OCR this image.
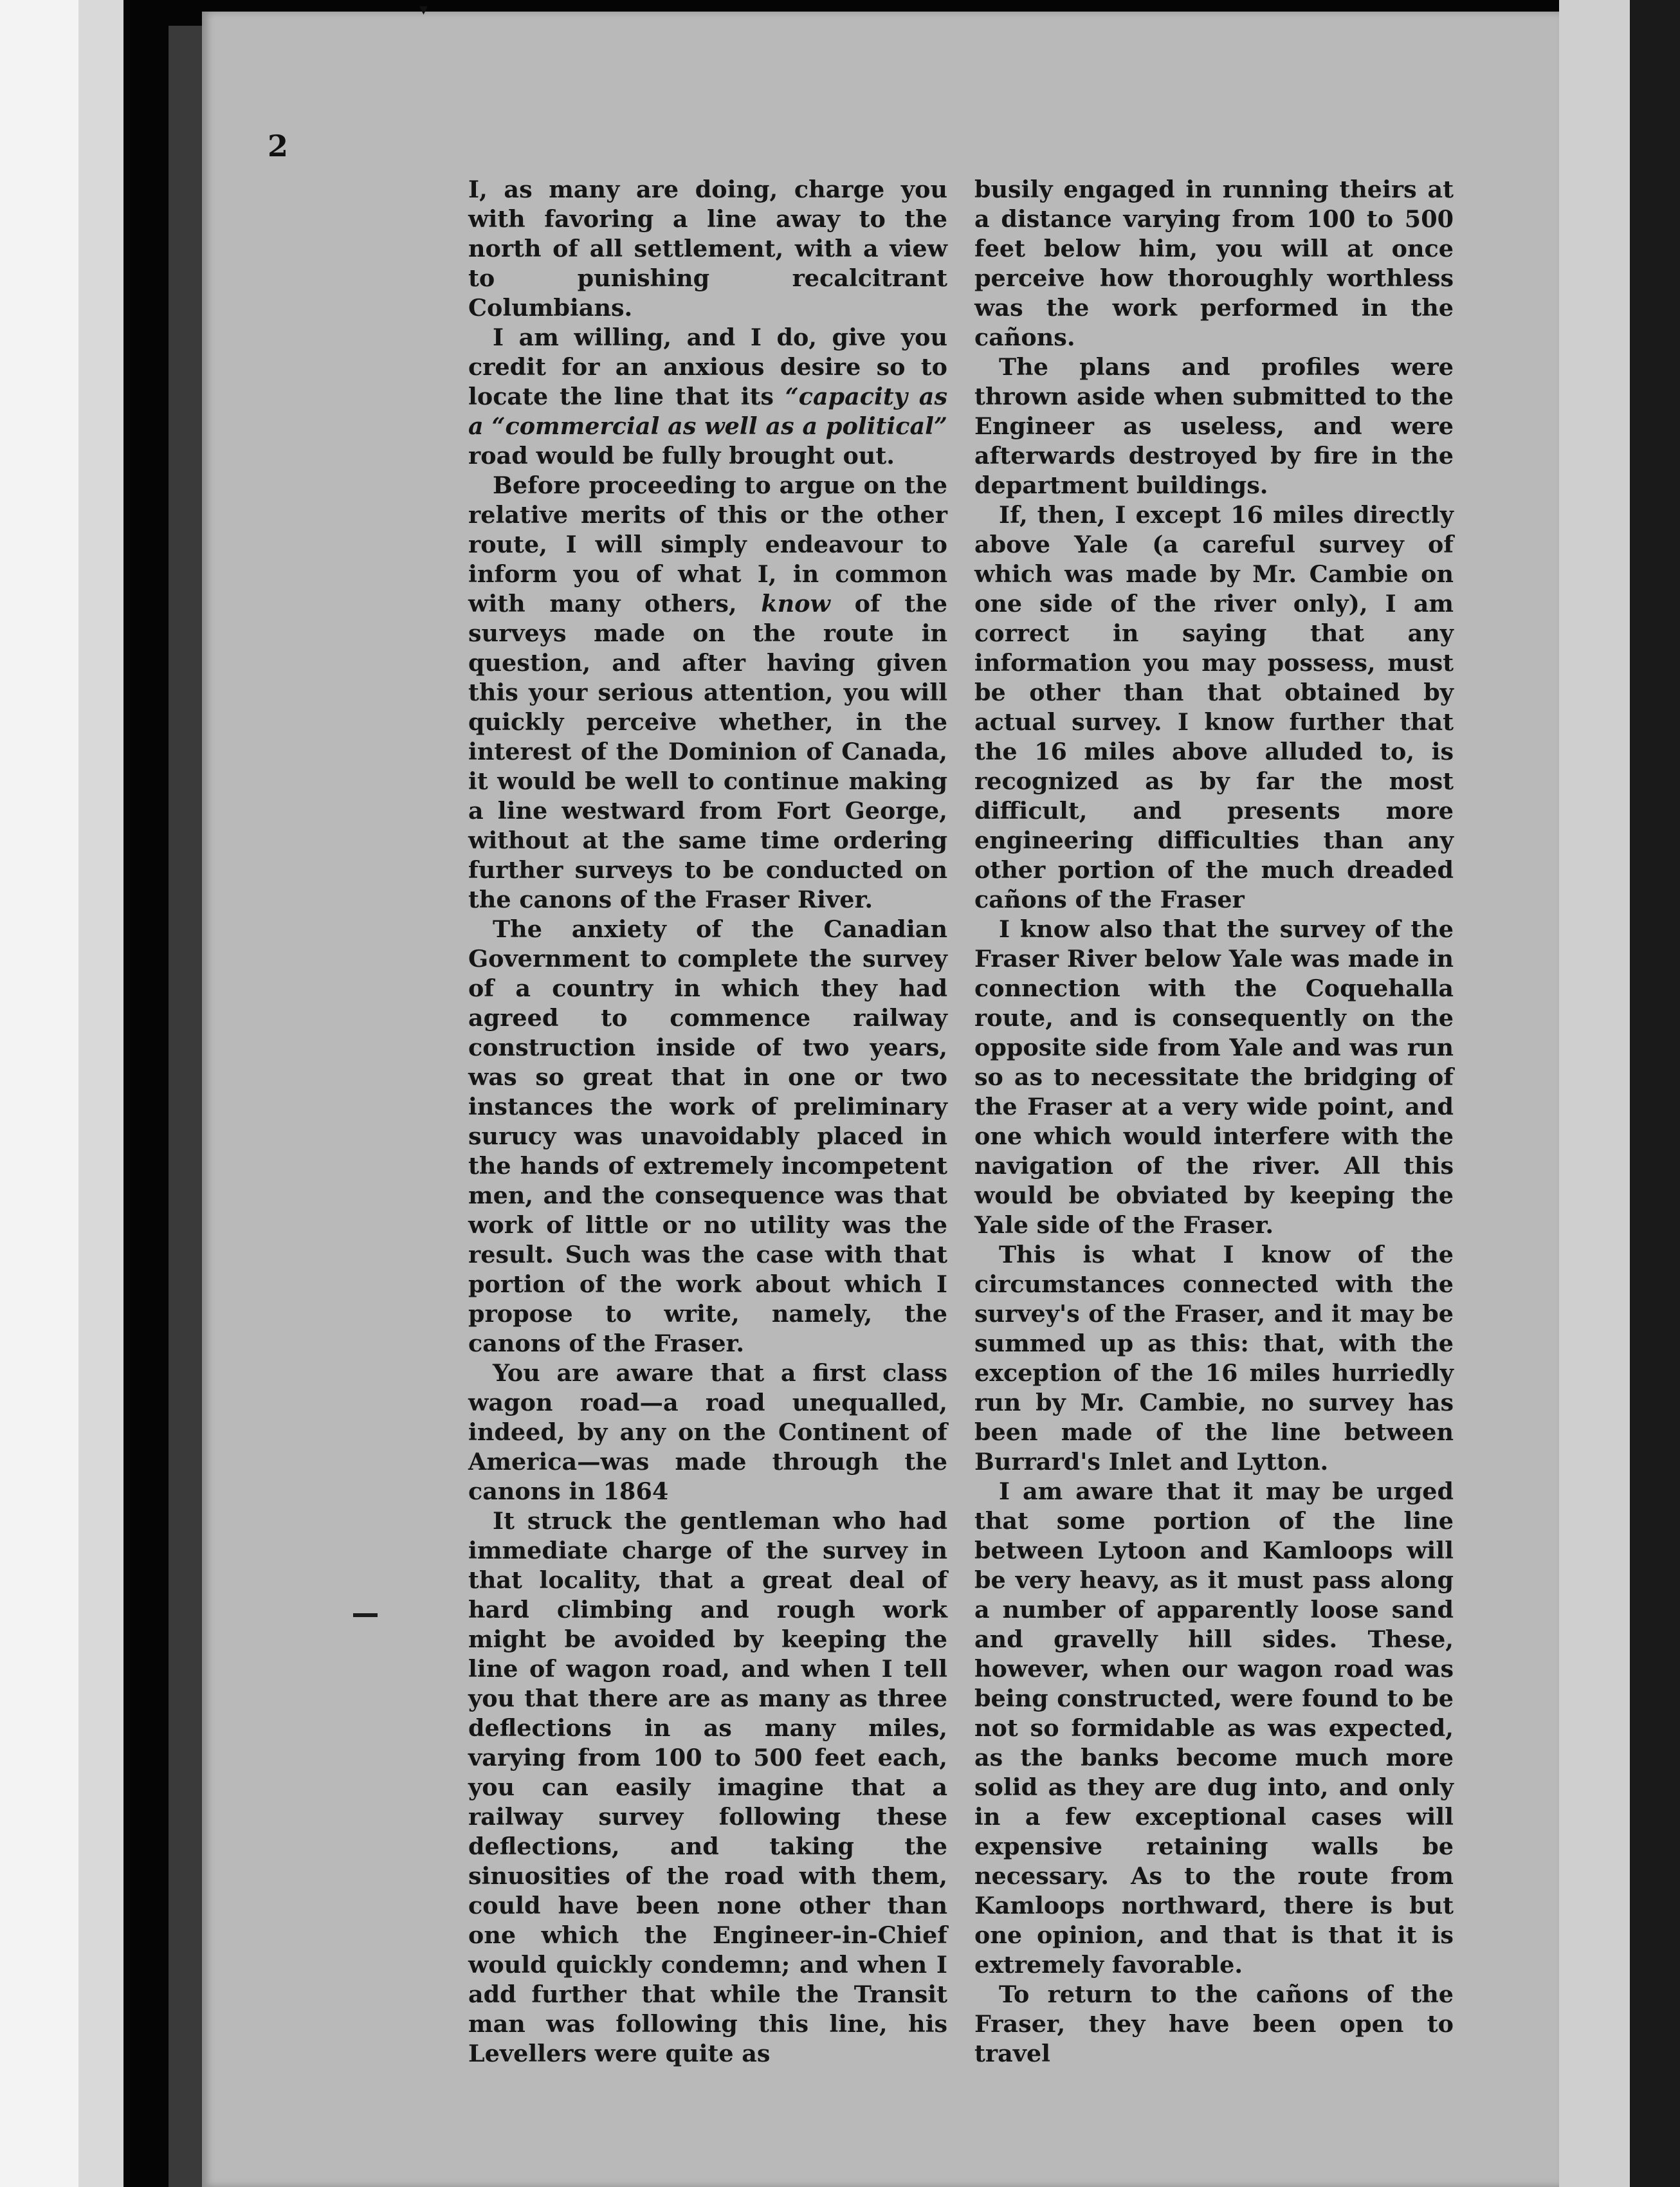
▾
2

I, as many are doing, charge you with favoring a line away to the north of all settlement, with a view to punishing recalcitrant Columbians.

I am willing, and I do, give you credit for an anxious desire so to locate the line that its “capacity as a “commercial as well as a political” road would be fully brought out.

Before proceeding to argue on the relative merits of this or the other route, I will simply endeavour to inform you of what I, in common with many others, know of the surveys made on the route in question, and after having given this your serious attention, you will quickly perceive whether, in the interest of the Dominion of Canada, it would be well to continue making a line westward from Fort George, without at the same time ordering further surveys to be conducted on the canons of the Fraser River.

The anxiety of the Canadian Government to complete the survey of a country in which they had agreed to commence railway construction inside of two years, was so great that in one or two instances the work of preliminary surucy was unavoidably placed in the hands of extremely incompetent men, and the consequence was that work of little or no utility was the result. Such was the case with that portion of the work about which I propose to write, namely, the canons of the Fraser.

You are aware that a first class wagon road—a road unequalled, indeed, by any on the Continent of America—was made through the canons in 1864

It struck the gentleman who had immediate charge of the survey in that locality, that a great deal of hard climbing and rough work might be avoided by keeping the line of wagon road, and when I tell you that there are as many as three deflections in as many miles, varying from 100 to 500 feet each, you can easily imagine that a railway survey following these deflections, and taking the sinuosities of the road with them, could have been none other than one which the Engineer-in-Chief would quickly condemn; and when I add further that while the Transit man was following this line, his Levellers were quite as

busily engaged in running theirs at a distance varying from 100 to 500 feet below him, you will at once perceive how thoroughly worthless was the work performed in the cañons.

The plans and profiles were thrown aside when submitted to the Engineer as useless, and were afterwards destroyed by fire in the department buildings.

If, then, I except 16 miles directly above Yale (a careful survey of which was made by Mr. Cambie on one side of the river only), I am correct in saying that any information you may possess, must be other than that obtained by actual survey. I know further that the 16 miles above alluded to, is recognized as by far the most difficult, and presents more engineering difficulties than any other portion of the much dreaded cañons of the Fraser

I know also that the survey of the Fraser River below Yale was made in connection with the Coquehalla route, and is consequently on the opposite side from Yale and was run so as to necessitate the bridging of the Fraser at a very wide point, and one which would interfere with the navigation of the river. All this would be obviated by keeping the Yale side of the Fraser.

This is what I know of the circumstances connected with the survey's of the Fraser, and it may be summed up as this: that, with the exception of the 16 miles hurriedly run by Mr. Cambie, no survey has been made of the line between Burrard's Inlet and Lytton.

I am aware that it may be urged that some portion of the line between Lytoon and Kamloops will be very heavy, as it must pass along a number of apparently loose sand and gravelly hill sides. These, however, when our wagon road was being constructed, were found to be not so formidable as was expected, as the banks become much more solid as they are dug into, and only in a few exceptional cases will expensive retaining walls be necessary. As to the route from Kamloops northward, there is but one opinion, and that is that it is extremely favorable.

To return to the cañons of the Fraser, they have been open to travel
